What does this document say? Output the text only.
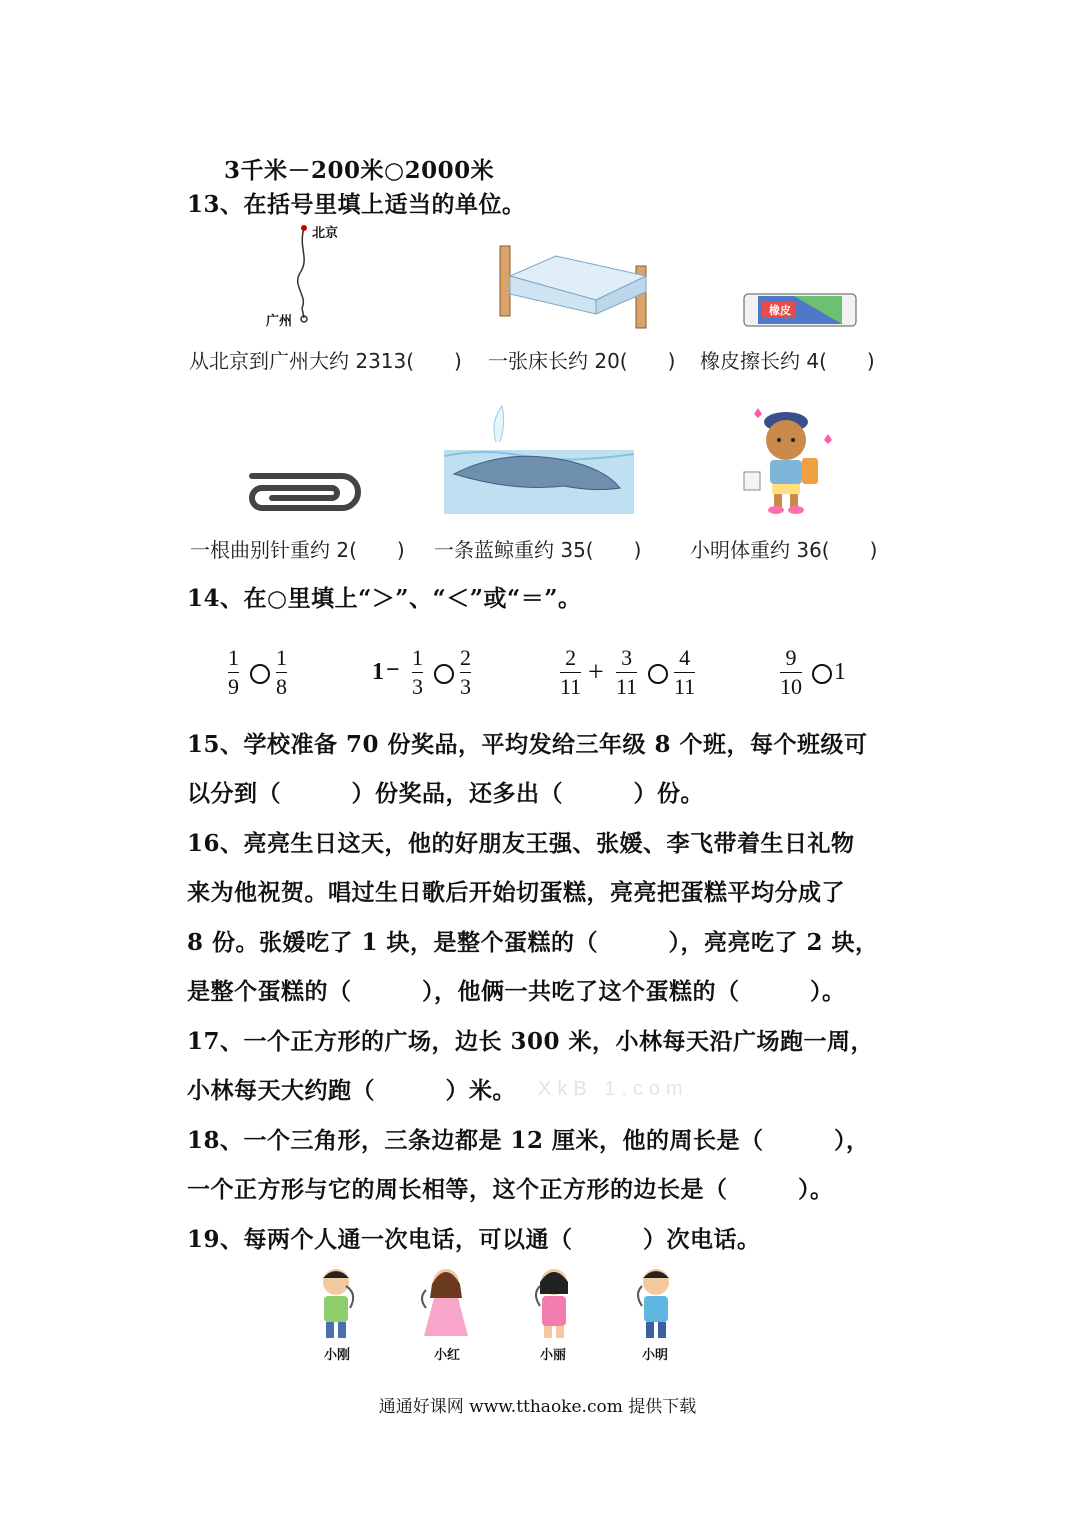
3千米－200米○2000米
13、在括号里填上适当的单位。
北京
广州
橡皮
从北京到广州大约 2313(　　) 一张床长约 20(　　) 橡皮擦长约 4(　　)
一根曲别针重约 2(　　) 一条蓝鲸重约 35(　　) 小明体重约 36(　　)
14、在○里填上“＞”、“＜”或“＝”。
1
9
1
8
1 − 1
3
2
3
2
11 + 3
11
4
11
9
10
1
15、学校准备 70 份奖品，平均发给三年级 8 个班，每个班级可
以分到（　　　）份奖品，还多出（　　　）份。
16、亮亮生日这天，他的好朋友王强、张媛、李飞带着生日礼物
来为他祝贺。唱过生日歌后开始切蛋糕，亮亮把蛋糕平均分成了
8 份。张媛吃了 1 块，是整个蛋糕的（　　　），亮亮吃了 2 块，
是整个蛋糕的（　　　），他俩一共吃了这个蛋糕的（　　　）。
17、一个正方形的广场，边长 300 米，小林每天沿广场跑一周，
小林每天大约跑（　　　）米。 XkB 1.com
18、一个三角形，三条边都是 12 厘米，他的周长是（　　　），
一个正方形与它的周长相等，这个正方形的边长是（　　　）。
19、每两个人通一次电话，可以通（　　　）次电话。
小刚	小红	小丽	小明
通通好课网 www.tthaoke.com 提供下载
